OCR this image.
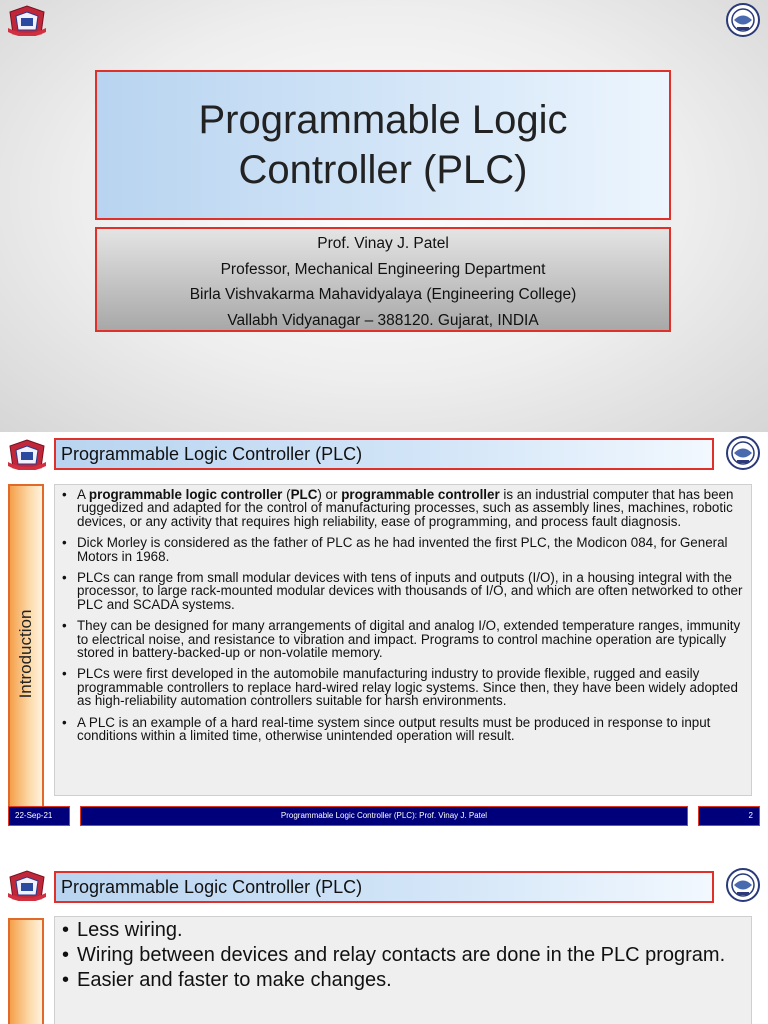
Programmable Logic Controller (PLC)
Prof. Vinay J. Patel
Professor, Mechanical Engineering Department
Birla Vishvakarma Mahavidyalaya (Engineering College)
Vallabh Vidyanagar – 388120. Gujarat, INDIA
Programmable Logic Controller (PLC)
Introduction
• A programmable logic controller (PLC) or programmable controller is an industrial computer that has been ruggedized and adapted for the control of manufacturing processes, such as assembly lines, machines, robotic devices, or any activity that requires high reliability, ease of programming, and process fault diagnosis.
• Dick Morley is considered as the father of PLC as he had invented the first PLC, the Modicon 084, for General Motors in 1968.
• PLCs can range from small modular devices with tens of inputs and outputs (I/O), in a housing integral with the processor, to large rack-mounted modular devices with thousands of I/O, and which are often networked to other PLC and SCADA systems.
• They can be designed for many arrangements of digital and analog I/O, extended temperature ranges, immunity to electrical noise, and resistance to vibration and impact. Programs to control machine operation are typically stored in battery-backed-up or non-volatile memory.
• PLCs were first developed in the automobile manufacturing industry to provide flexible, rugged and easily programmable controllers to replace hard-wired relay logic systems. Since then, they have been widely adopted as high-reliability automation controllers suitable for harsh environments.
• A PLC is an example of a hard real-time system since output results must be produced in response to input conditions within a limited time, otherwise unintended operation will result.
22-Sep-21	Programmable Logic Controller (PLC): Prof. Vinay J. Patel	2
Programmable Logic Controller (PLC)
• Less wiring.
• Wiring between devices and relay contacts are done in the PLC program.
• Easier and faster to make changes.
